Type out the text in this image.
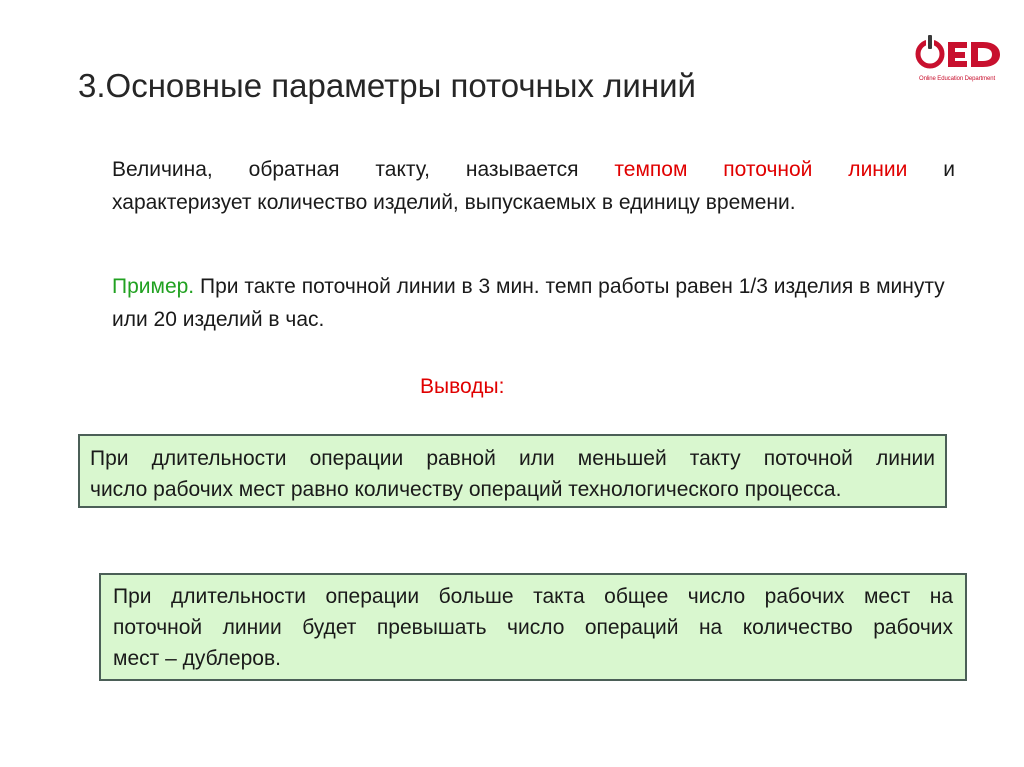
3.Основные параметры поточных линий	Online Education Department
Величина, обратная такту, называется темпом поточной линии и
характеризует количество изделий, выпускаемых в единицу времени.
Пример. При такте поточной линии в 3 мин. темп работы равен 1/3 изделия в минуту или 20 изделий в час.
Выводы:
При длительности операции равной или меньшей такту поточной линии
число рабочих мест равно количеству операций технологического процесса.
При длительности операции больше такта общее число рабочих мест на
поточной линии будет превышать число операций на количество рабочих
мест – дублеров.
